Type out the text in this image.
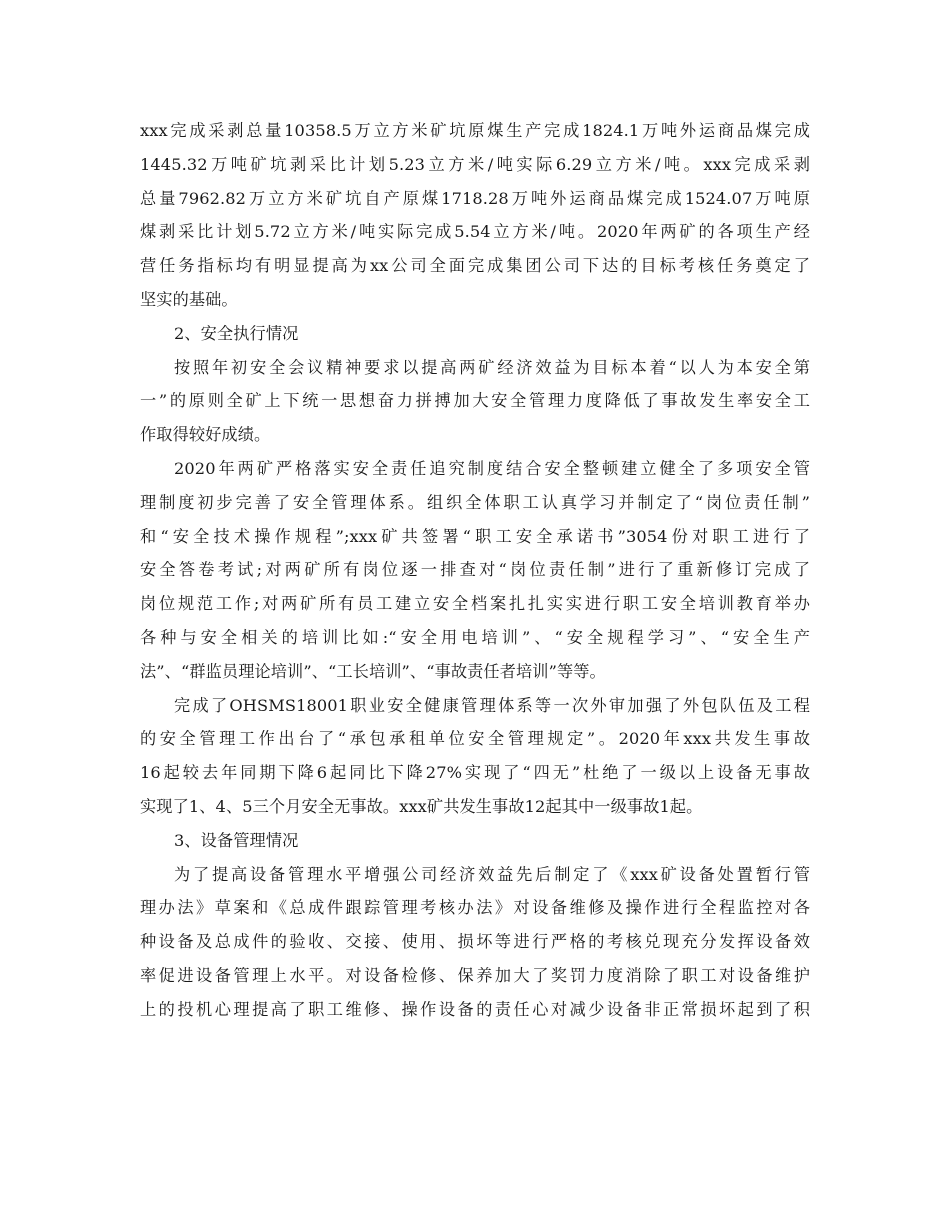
xxx完成采剥总量10358.5万立方米矿坑原煤生产完成1824.1万吨外运商品煤完成
1445.32万吨矿坑剥采比计划5.23立方米/吨实际6.29立方米/吨。xxx完成采剥
总量7962.82万立方米矿坑自产原煤1718.28万吨外运商品煤完成1524.07万吨原
煤剥采比计划5.72立方米/吨实际完成5.54立方米/吨。2020年两矿的各项生产经
营任务指标均有明显提高为xx公司全面完成集团公司下达的目标考核任务奠定了
坚实的基础。
2、安全执行情况
按照年初安全会议精神要求以提高两矿经济效益为目标本着“以人为本安全第
一”的原则全矿上下统一思想奋力拼搏加大安全管理力度降低了事故发生率安全工
作取得较好成绩。
2020年两矿严格落实安全责任追究制度结合安全整顿建立健全了多项安全管
理制度初步完善了安全管理体系。组织全体职工认真学习并制定了“岗位责任制”
和“安全技术操作规程”;xxx矿共签署“职工安全承诺书”3054份对职工进行了
安全答卷考试;对两矿所有岗位逐一排查对“岗位责任制”进行了重新修订完成了
岗位规范工作;对两矿所有员工建立安全档案扎扎实实进行职工安全培训教育举办
各种与安全相关的培训比如:“安全用电培训”、“安全规程学习”、“安全生产
法”、“群监员理论培训”、“工长培训”、“事故责任者培训”等等。
完成了OHSMS18001职业安全健康管理体系等一次外审加强了外包队伍及工程
的安全管理工作出台了“承包承租单位安全管理规定”。2020年xxx共发生事故
16起较去年同期下降6起同比下降27%实现了“四无”杜绝了一级以上设备无事故
实现了1、4、5三个月安全无事故。xxx矿共发生事故12起其中一级事故1起。
3、设备管理情况
为了提高设备管理水平增强公司经济效益先后制定了《xxx矿设备处置暂行管
理办法》草案和《总成件跟踪管理考核办法》对设备维修及操作进行全程监控对各
种设备及总成件的验收、交接、使用、损坏等进行严格的考核兑现充分发挥设备效
率促进设备管理上水平。对设备检修、保养加大了奖罚力度消除了职工对设备维护
上的投机心理提高了职工维修、操作设备的责任心对减少设备非正常损坏起到了积
